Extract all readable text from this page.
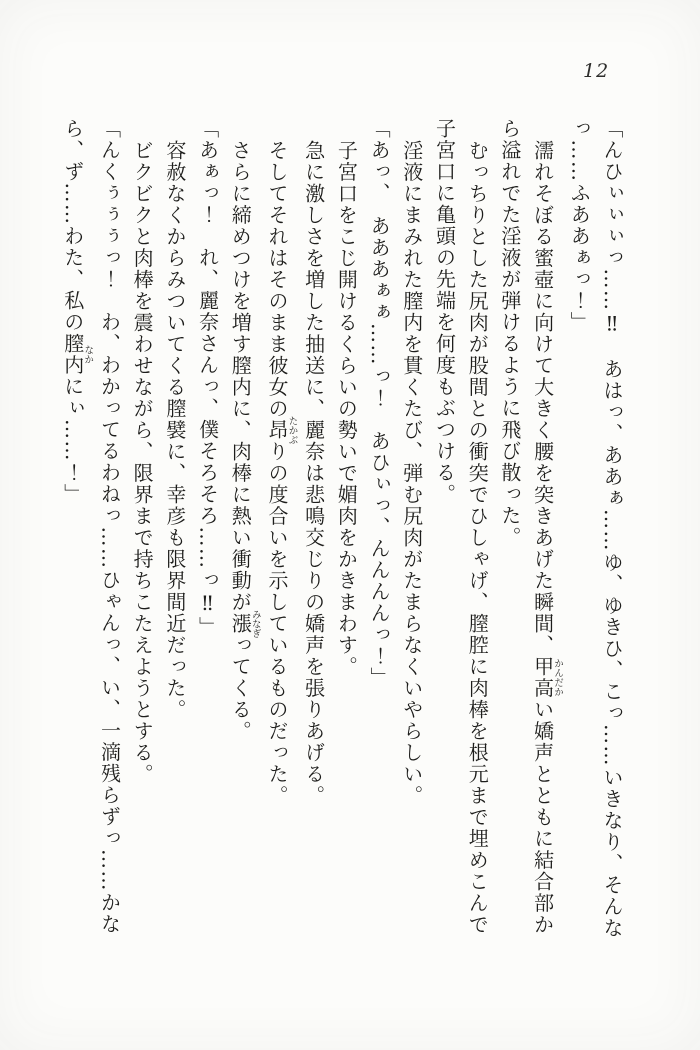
12
「んひぃぃぃっ……‼　あはっ、ああぁ……ゆ、ゆきひ、こっ……いきなり、そんな
っ……ふああぁっ！」
濡れそぼる蜜壺に向けて大きく腰を突きあげた瞬間、甲高かんだかい嬌声とともに結合部か
ら溢れでた淫液が弾けるように飛び散った。
むっちりとした尻肉が股間との衝突でひしゃげ、膣腔に肉棒を根元まで埋めこんで
子宮口に亀頭の先端を何度もぶつける。
淫液にまみれた膣内を貫くたび、弾む尻肉がたまらなくいやらしい。
「あっ、　あああぁぁ……っ！　あひぃっ、んんんんっ！」
子宮口をこじ開けるくらいの勢いで媚肉をかきまわす。
急に激しさを増した抽送に、麗奈は悲鳴交じりの嬌声を張りあげる。
そしてそれはそのまま彼女の昂たかぶりの度合いを示しているものだった。
さらに締めつけを増す膣内に、肉棒に熱い衝動が漲みなぎってくる。
「あぁっ！　れ、麗奈さんっ、僕そろそろ……っ‼」
容赦なくからみついてくる膣襞に、幸彦も限界間近だった。
ビクビクと肉棒を震わせながら、限界まで持ちこたえようとする。
「んくぅぅぅっ！　わ、わかってるわねっ……ひゃんっ、い、一滴残らずっ……かな
ら、ず……わた、私の膣内なかにぃ……！」
